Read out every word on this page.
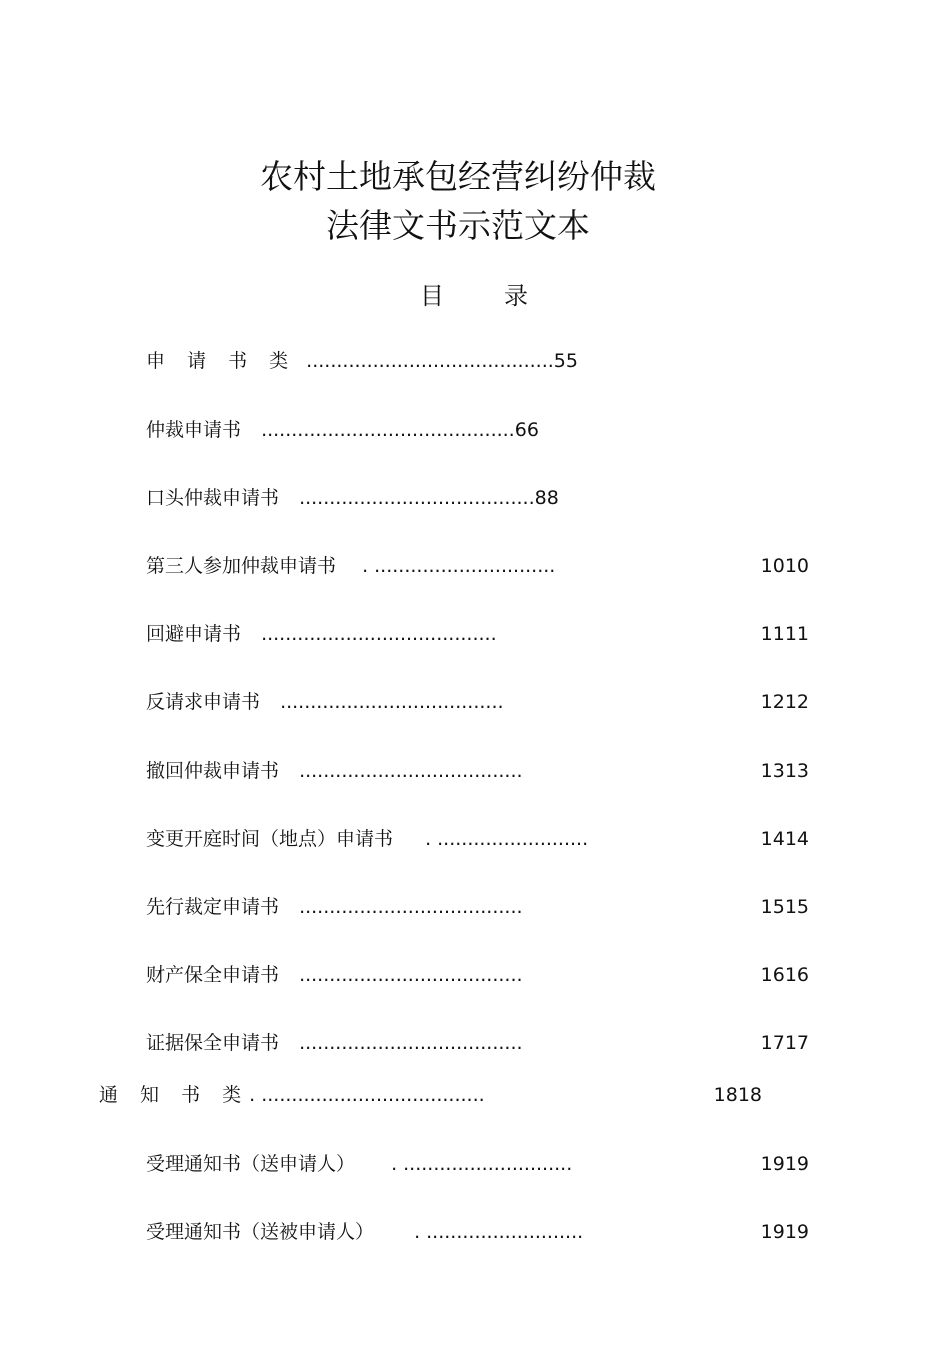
农村土地承包经营纠纷仲裁
法律文书示范文本
目录
申 请 书 类 .........................................55
仲裁申请书 ..........................................66
口头仲裁申请书 .......................................88
第三人参加仲裁申请书 . ..............................	1010
回避申请书 .......................................	1111
反请求申请书 .....................................	1212
撤回仲裁申请书 .....................................	1313
变更开庭时间（地点）申请书 . .........................	1414
先行裁定申请书 .....................................	1515
财产保全申请书 .....................................	1616
证据保全申请书 .....................................	1717
通 知 书 类. .....................................	1818
受理通知书（送申请人） . ............................	1919
受理通知书（送被申请人） . ..........................	1919
